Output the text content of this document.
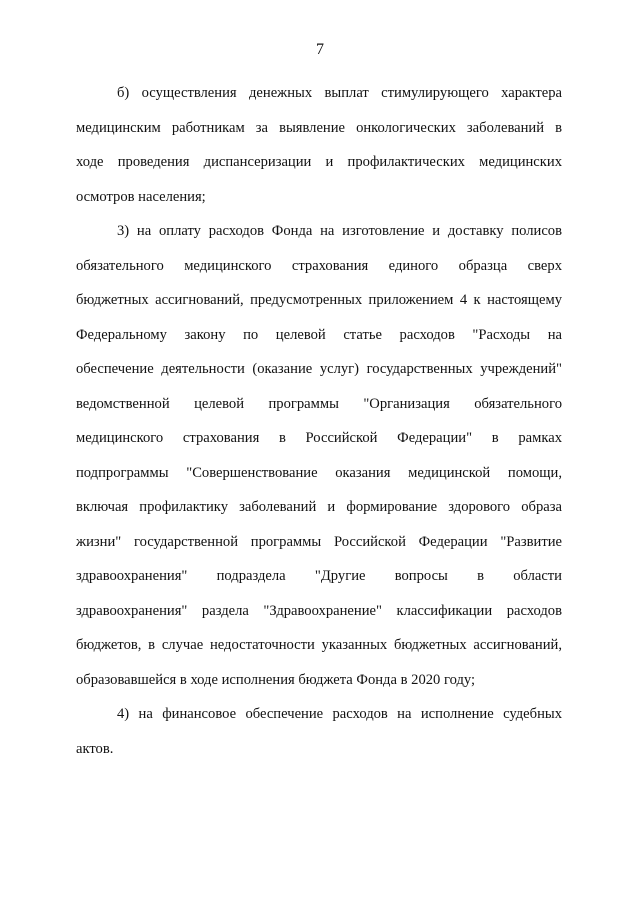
7
б) осуществления денежных выплат стимулирующего характера
медицинским работникам за выявление онкологических заболеваний в
ходе проведения диспансеризации и профилактических медицинских
осмотров населения;
3) на оплату расходов Фонда на изготовление и доставку полисов
обязательного медицинского страхования единого образца сверх
бюджетных ассигнований, предусмотренных приложением 4 к настоящему
Федеральному закону по целевой статье расходов "Расходы на
обеспечение деятельности (оказание услуг) государственных учреждений"
ведомственной целевой программы "Организация обязательного
медицинского страхования в Российской Федерации" в рамках
подпрограммы "Совершенствование оказания медицинской помощи,
включая профилактику заболеваний и формирование здорового образа
жизни" государственной программы Российской Федерации "Развитие
здравоохранения" подраздела "Другие вопросы в области
здравоохранения" раздела "Здравоохранение" классификации расходов
бюджетов, в случае недостаточности указанных бюджетных ассигнований,
образовавшейся в ходе исполнения бюджета Фонда в 2020 году;
4) на финансовое обеспечение расходов на исполнение судебных
актов.
